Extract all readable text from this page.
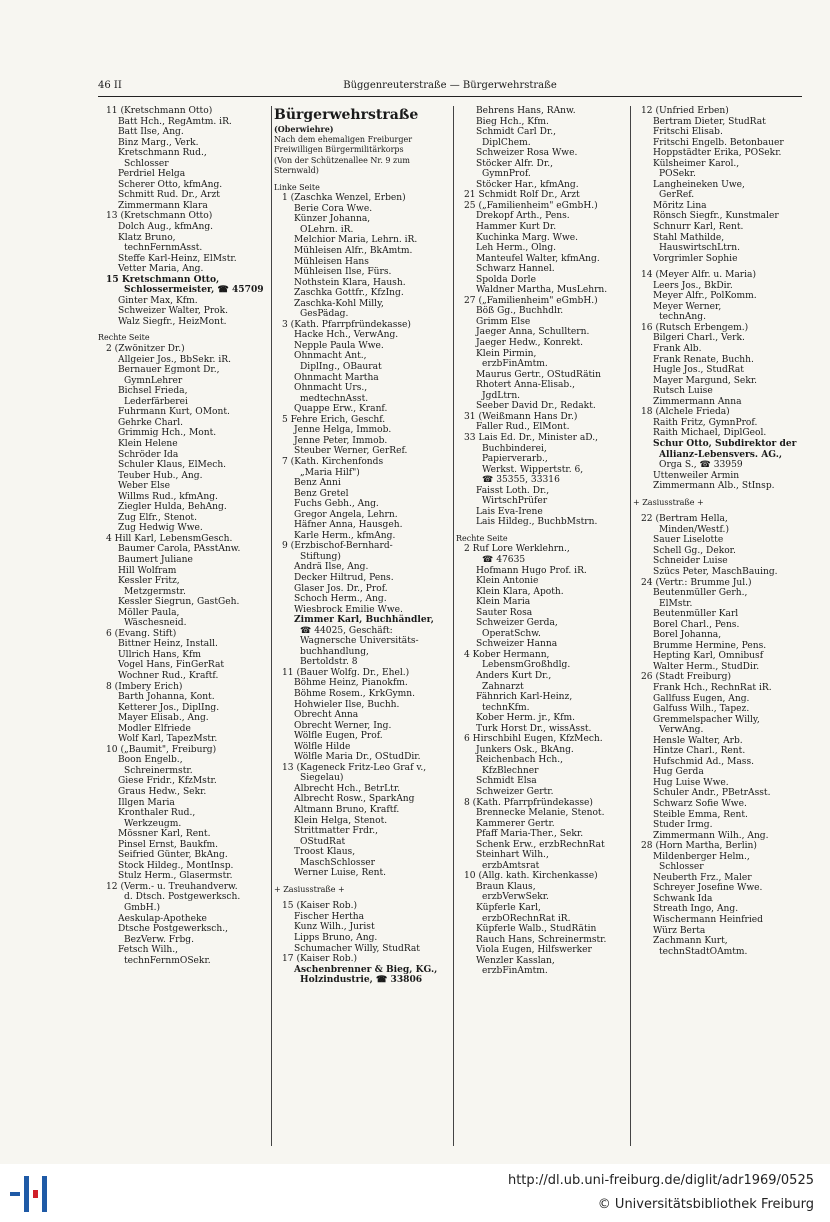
46 II	Büggenreuterstraße — Bürgerwehrstraße
11 (Kretschmann Otto)
Batt Hch., RegAmtm. iR.
Batt Ilse, Ang.
Binz Marg., Verk.
Kretschmann Rud.,
Schlosser
Perdriel Helga
Scherer Otto, kfmAng.
Schmitt Rud. Dr., Arzt
Zimmermann Klara
13 (Kretschmann Otto)
Dolch Aug., kfmAng.
Klatz Bruno,
technFernmAsst.
Steffe Karl-Heinz, ElMstr.
Vetter Maria, Ang.
15 Kretschmann Otto,
Schlossermeister, ☎ 45709
Ginter Max, Kfm.
Schweizer Walter, Prok.
Walz Siegfr., HeizMont.
Rechte Seite
2 (Zwönitzer Dr.)
Allgeier Jos., BbSekr. iR.
Bernauer Egmont Dr.,
GymnLehrer
Bichsel Frieda,
Lederfärberei
Fuhrmann Kurt, OMont.
Gehrke Charl.
Grimmig Hch., Mont.
Klein Helene
Schröder Ida
Schuler Klaus, ElMech.
Teuber Hub., Ang.
Weber Else
Willms Rud., kfmAng.
Ziegler Hulda, BehAng.
Zug Elfr., Stenot.
Zug Hedwig Wwe.
4 Hill Karl, LebensmGesch.
Baumer Carola, PAsstAnw.
Baumert Juliane
Hill Wolfram
Kessler Fritz,
Metzgermstr.
Kessler Siegrun, GastGeh.
Möller Paula,
Wäschesneid.
6 (Evang. Stift)
Bittner Heinz, Install.
Ullrich Hans, Kfm
Vogel Hans, FinGerRat
Wochner Rud., Kraftf.
8 (Imbery Erich)
Barth Johanna, Kont.
Ketterer Jos., DiplIng.
Mayer Elisab., Ang.
Modler Elfriede
Wolf Karl, TapezMstr.
10 („Baumit", Freiburg)
Boon Engelb.,
Schreinermstr.
Giese Fridr., KfzMstr.
Graus Hedw., Sekr.
Illgen Maria
Kronthaler Rud.,
Werkzeugm.
Mössner Karl, Rent.
Pinsel Ernst, Baukfm.
Seifried Günter, BkAng.
Stock Hildeg., MontInsp.
Stulz Herm., Glasermstr.
12 (Verm.- u. Treuhandverw.
d. Dtsch. Postgewerksch.
GmbH.)
Aeskulap-Apotheke
Dtsche Postgewerksch.,
BezVerw. Frbg.
Fetsch Wilh.,
technFernmOSekr.
Bürgerwehrstraße
(Oberwiehre)
Nach dem ehemaligen Freiburger
Freiwilligen Bürgermilitärkorps
(Von der Schützenallee Nr. 9 zum
Sternwald)
Linke Seite
1 (Zaschka Wenzel, Erben)
Berie Cora Wwe.
Künzer Johanna,
OLehrn. iR.
Melchior Maria, Lehrn. iR.
Mühleisen Alfr., BkAmtm.
Mühleisen Hans
Mühleisen Ilse, Fürs.
Nothstein Klara, Haush.
Zaschka Gottfr., KfzIng.
Zaschka-Kohl Milly,
GesPädag.
3 (Kath. Pfarrpfründekasse)
Hacke Hch., VerwAng.
Nepple Paula Wwe.
Ohnmacht Ant.,
DiplIng., OBaurat
Ohnmacht Martha
Ohnmacht Urs.,
medtechnAsst.
Quappe Erw., Kranf.
5 Fehre Erich, Geschf.
Jenne Helga, Immob.
Jenne Peter, Immob.
Steuber Werner, GerRef.
7 (Kath. Kirchenfonds
„Maria Hilf")
Benz Anni
Benz Gretel
Fuchs Gebh., Ang.
Gregor Angela, Lehrn.
Häfner Anna, Hausgeh.
Karle Herm., kfmAng.
9 (Erzbischof-Bernhard-
Stiftung)
Andrä Ilse, Ang.
Decker Hiltrud, Pens.
Glaser Jos. Dr., Prof.
Schoch Herm., Ang.
Wiesbrock Emilie Wwe.
Zimmer Karl, Buchhändler,
☎ 44025, Geschäft:
Wagnersche Universitäts-
buchhandlung,
Bertoldstr. 8
11 (Bauer Wolfg. Dr., Ehel.)
Böhme Heinz, Pianokfm.
Böhme Rosem., KrkGymn.
Hohwieler Ilse, Buchh.
Obrecht Anna
Obrecht Werner, Ing.
Wölfle Eugen, Prof.
Wölfle Hilde
Wölfle Maria Dr., OStudDir.
13 (Kageneck Fritz-Leo Graf v.,
Siegelau)
Albrecht Hch., BetrLtr.
Albrecht Rosw., SparkAng
Altmann Bruno, Kraftf.
Klein Helga, Stenot.
Strittmatter Frdr.,
OStudRat
Troost Klaus,
MaschSchlosser
Werner Luise, Rent.
+ Zasiusstraße +
15 (Kaiser Rob.)
Fischer Hertha
Kunz Wilh., Jurist
Lipps Bruno, Ang.
Schumacher Willy, StudRat
17 (Kaiser Rob.)
Aschenbrenner & Bieg, KG.,
Holzindustrie, ☎ 33806
Behrens Hans, RAnw.
Bieg Hch., Kfm.
Schmidt Carl Dr.,
DiplChem.
Schweizer Rosa Wwe.
Stöcker Alfr. Dr.,
GymnProf.
Stöcker Har., kfmAng.
21 Schmidt Rolf Dr., Arzt
25 („Familienheim" eGmbH.)
Drekopf Arth., Pens.
Hammer Kurt Dr.
Kuchinka Marg. Wwe.
Leh Herm., Olng.
Manteufel Walter, kfmAng.
Schwarz Hannel.
Spolda Dorle
Waldner Martha, MusLehrn.
27 („Familienheim" eGmbH.)
Böß Gg., Buchhdlr.
Grimm Else
Jaeger Anna, Schulltern.
Jaeger Hedw., Konrekt.
Klein Pirmin,
erzbFinAmtm.
Maurus Gertr., OStudRätin
Rhotert Anna-Elisab.,
JgdLtrn.
Seeber David Dr., Redakt.
31 (Weißmann Hans Dr.)
Faller Rud., ElMont.
33 Lais Ed. Dr., Minister aD.,
Buchbinderei,
Papierverarb.,
Werkst. Wippertstr. 6,
☎ 35355, 33316
Faisst Loth. Dr.,
WirtschPrüfer
Lais Eva-Irene
Lais Hildeg., BuchbMstrn.
Rechte Seite
2 Ruf Lore Werklehrn.,
☎ 47635
Hofmann Hugo Prof. iR.
Klein Antonie
Klein Klara, Apoth.
Klein Maria
Sauter Rosa
Schweizer Gerda,
OperatSchw.
Schweizer Hanna
4 Kober Hermann,
LebensmGroßhdlg.
Anders Kurt Dr.,
Zahnarzt
Fähnrich Karl-Heinz,
technKfm.
Kober Herm. jr., Kfm.
Turk Horst Dr., wissAsst.
6 Hirschbihl Eugen, KfzMech.
Junkers Osk., BkAng.
Reichenbach Hch.,
KfzBlechner
Schmidt Elsa
Schweizer Gertr.
8 (Kath. Pfarrpfründekasse)
Brennecke Melanie, Stenot.
Kammerer Gertr.
Pfaff Maria-Ther., Sekr.
Schenk Erw., erzbRechnRat
Steinhart Wilh.,
erzbAmtsrat
10 (Allg. kath. Kirchenkasse)
Braun Klaus,
erzbVerwSekr.
Küpferle Karl,
erzbORechnRat iR.
Küpferle Walb., StudRätin
Rauch Hans, Schreinermstr.
Viola Eugen, Hilfswerker
Wenzler Kasslan,
erzbFinAmtm.
12 (Unfried Erben)
Bertram Dieter, StudRat
Fritschi Elisab.
Fritschi Engelb. Betonbauer
Hoppstädter Erika, POSekr.
Külsheimer Karol.,
POSekr.
Langheineken Uwe,
GerRef.
Möritz Lina
Rönsch Siegfr., Kunstmaler
Schnurr Karl, Rent.
Stahl Mathilde,
HauswirtschLtrn.
Vorgrimler Sophie
14 (Meyer Alfr. u. Maria)
Leers Jos., BkDir.
Meyer Alfr., PolKomm.
Meyer Werner,
technAng.
16 (Rutsch Erbengem.)
Bilgeri Charl., Verk.
Frank Alb.
Frank Renate, Buchh.
Hugle Jos., StudRat
Mayer Margund, Sekr.
Rutsch Luise
Zimmermann Anna
18 (Alchele Frieda)
Raith Fritz, GymnProf.
Raith Michael, DiplGeol.
Schur Otto, Subdirektor der
Allianz-Lebensvers. AG.,
Orga S., ☎ 33959
Uttenweiler Armin
Zimmermann Alb., StInsp.
+ Zasiusstraße +
22 (Bertram Hella,
Minden/Westf.)
Sauer Liselotte
Schell Gg., Dekor.
Schneider Luise
Szücs Peter, MaschBauing.
24 (Vertr.: Brumme Jul.)
Beutenmüller Gerh.,
ElMstr.
Beutenmüller Karl
Borel Charl., Pens.
Borel Johanna,
Brumme Hermine, Pens.
Hepting Karl, Omnibusf
Walter Herm., StudDir.
26 (Stadt Freiburg)
Frank Hch., RechnRat iR.
Gallfuss Eugen, Ang.
Galfuss Wilh., Tapez.
Gremmelspacher Willy,
VerwAng.
Hensle Walter, Arb.
Hintze Charl., Rent.
Hufschmid Ad., Mass.
Hug Gerda
Hug Luise Wwe.
Schuler Andr., PBetrAsst.
Schwarz Sofie Wwe.
Steible Emma, Rent.
Studer Irmg.
Zimmermann Wilh., Ang.
28 (Horn Martha, Berlin)
Mildenberger Helm.,
Schlosser
Neuberth Frz., Maler
Schreyer Josefine Wwe.
Schwank Ida
Streath Ingo, Ang.
Wischermann Heinfried
Würz Berta
Zachmann Kurt,
technStadtOAmtm.
http://dl.ub.uni-freiburg.de/diglit/adr1969/0525
© Universitätsbibliothek Freiburg
